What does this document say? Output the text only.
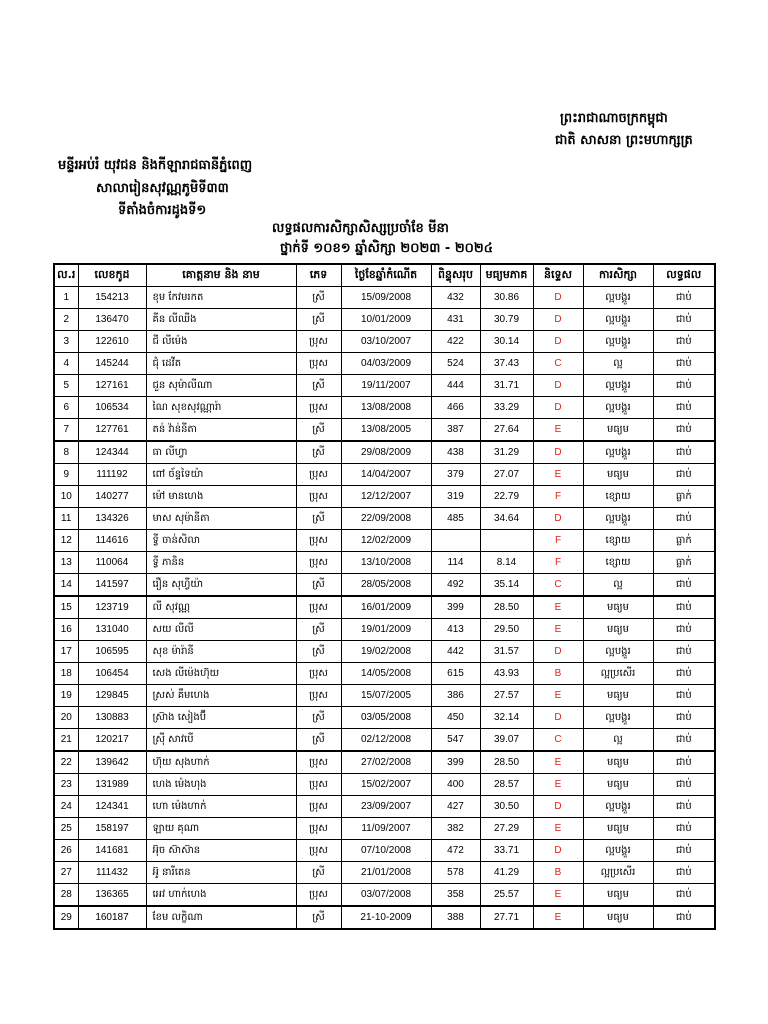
ព្រះរាជាណាចក្រកម្ពុជា
ជាតិ សាសនា ព្រះមហាក្សត្រ
មន្ទីរអប់រំ យុវជន និងកីឡារាជធានីភ្នំពេញ
សាលារៀនសុវណ្ណភូមិទី៣៣
ទីតាំងចំការដូងទី១
លទ្ធផលការសិក្សាសិស្សប្រចាំខែ មីនា
ថ្នាក់ទី ១០ខ១ ឆ្នាំសិក្សា ២០២៣ - ២០២៤
ល.រ	លេខកូដ	គោត្តនាម និង នាម	ភេទ	ថ្ងៃខែឆ្នាំកំណើត	ពិន្ទុសរុប	មធ្យមភាគ	និទ្ទេស	ការសិក្សា	លទ្ធផល
1	154213	ខុម កែវមរកត	ស្រី	15/09/2008	432	30.86	D	ល្អបង្គួរ	ជាប់
2	136470	គីន លីឈីង	ស្រី	10/01/2009	431	30.79	D	ល្អបង្គួរ	ជាប់
3	122610	ជី លីម៉េង	ប្រុស	03/10/2007	422	30.14	D	ល្អបង្គួរ	ជាប់
4	145244	ជុំ ដេវីត	ប្រុស	04/03/2009	524	37.43	C	ល្អ	ជាប់
5	127161	ជួន សុម៉ាលីណា	ស្រី	19/11/2007	444	31.71	D	ល្អបង្គួរ	ជាប់
6	106534	ណៃ សុខសុវណ្ណារ៉ា	ប្រុស	13/08/2008	466	33.29	D	ល្អបង្គួរ	ជាប់
7	127761	តន់ វ៉ាន់នីតា	ស្រី	13/08/2005	387	27.64	E	មធ្យម	ជាប់
8	124344	ធា លីហ្វា	ស្រី	29/08/2009	438	31.29	D	ល្អបង្គួរ	ជាប់
9	111192	ពៅ ច័ន្ទទៃយ៉ា	ប្រុស	14/04/2007	379	27.07	E	មធ្យម	ជាប់
10	140277	ម៉ៅ មានហេង	ប្រុស	12/12/2007	319	22.79	F	ខ្សោយ	ធ្លាក់
11	134326	មាស សុម៉ានីតា	ស្រី	22/09/2008	485	34.64	D	ល្អបង្គួរ	ជាប់
12	114616	ទ្វី ចាន់សិលា	ប្រុស	12/02/2009			F	ខ្សោយ	ធ្លាក់
13	110064	ទ្វី ភានិន	ប្រុស	13/10/2008	114	8.14	F	ខ្សោយ	ធ្លាក់
14	141597	រឿន សុហ្វីយ៉ា	ស្រី	28/05/2008	492	35.14	C	ល្អ	ជាប់
15	123719	លី សុវណ្ណ	ប្រុស	16/01/2009	399	28.50	E	មធ្យម	ជាប់
16	131040	សយ លីលី	ស្រី	19/01/2009	413	29.50	E	មធ្យម	ជាប់
17	106595	សុខ ម៉ារ៉ានី	ស្រី	19/02/2008	442	31.57	D	ល្អបង្គួរ	ជាប់
18	106454	សេង លីម៉េងហ៊ុយ	ប្រុស	14/05/2008	615	43.93	B	ល្អប្រសើរ	ជាប់
19	129845	ស្រស់ គឹមហេង	ប្រុស	15/07/2005	386	27.57	E	មធ្យម	ជាប់
20	130883	ស្រ៊ាង សៀងប៊ី	ស្រី	03/05/2008	450	32.14	D	ល្អបង្គួរ	ជាប់
21	120217	ស្រ៊ី សាវបើ	ស្រី	02/12/2008	547	39.07	C	ល្អ	ជាប់
22	139642	ហ៊ុយ សុងហាក់	ប្រុស	27/02/2008	399	28.50	E	មធ្យម	ជាប់
23	131989	ហេង ម៉េងហុង	ប្រុស	15/02/2007	400	28.57	E	មធ្យម	ជាប់
24	124341	ហោ ម៉េងហាក់	ប្រុស	23/09/2007	427	30.50	D	ល្អបង្គួរ	ជាប់
25	158197	ឡាយ គុណា	ប្រុស	11/09/2007	382	27.29	E	មធ្យម	ជាប់
26	141681	អ៊ុច ស៊ាស៊ាន	ប្រុស	07/10/2008	472	33.71	D	ល្អបង្គួរ	ជាប់
27	111432	អ៊ូ នារីតេន	ស្រី	21/01/2008	578	41.29	B	ល្អប្រសើរ	ជាប់
28	136365	អេវ ហាក់ហេង	ប្រុស	03/07/2008	358	25.57	E	មធ្យម	ជាប់
29	160187	ខែម លក្ខិណា	ស្រី	21-10-2009	388	27.71	E	មធ្យម	ជាប់
